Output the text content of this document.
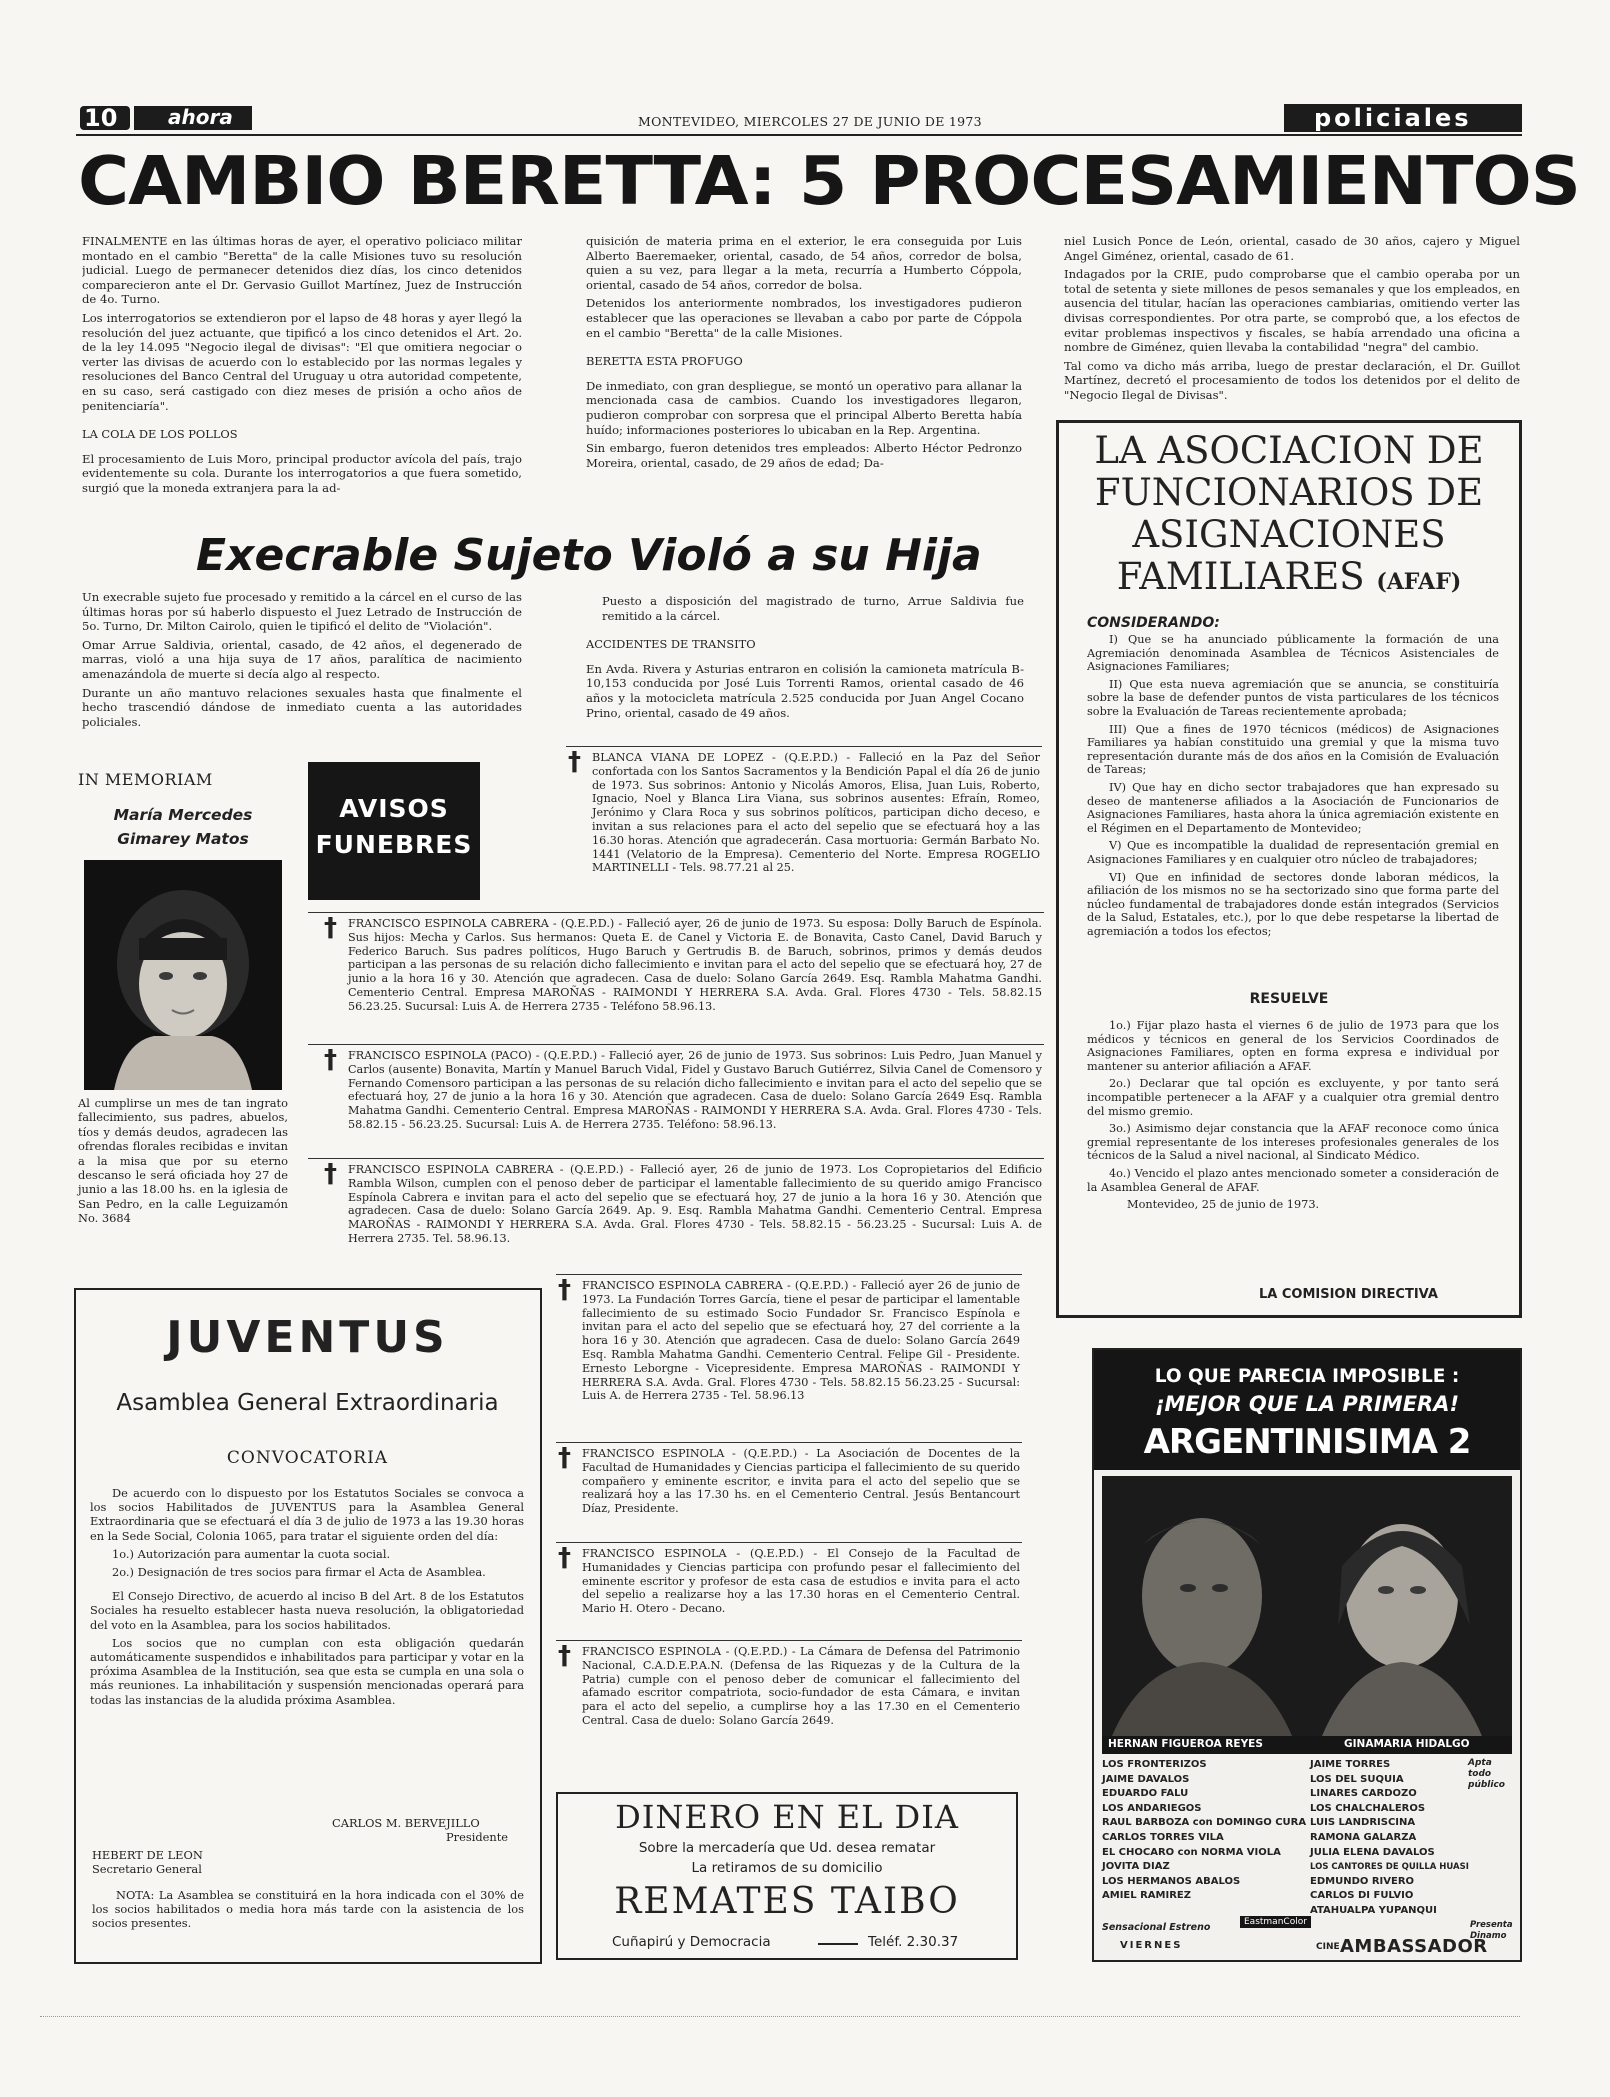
10	ahora	MONTEVIDEO, MIERCOLES 27 DE JUNIO DE 1973	policiales
CAMBIO BERETTA: 5 PROCESAMIENTOS

FINALMENTE en las últimas horas de ayer, el operativo policiaco militar montado en el cambio "Beretta" de la calle Misiones tuvo su resolución judicial. Luego de permanecer detenidos diez días, los cinco detenidos comparecieron ante el Dr. Gervasio Guillot Martínez, Juez de Instrucción de 4o. Turno.

Los interrogatorios se extendieron por el lapso de 48 horas y ayer llegó la resolución del juez actuante, que tipificó a los cinco detenidos el Art. 2o. de la ley 14.095 "Negocio ilegal de divisas": "El que omitiera negociar o verter las divisas de acuerdo con lo establecido por las normas legales y resoluciones del Banco Central del Uruguay u otra autoridad competente, en su caso, será castigado con diez meses de prisión a ocho años de penitenciaría".

LA COLA DE LOS POLLOS

El procesamiento de Luis Moro, principal productor avícola del país, trajo evidentemente su cola. Durante los interrogatorios a que fuera sometido, surgió que la moneda extranjera para la ad-

quisición de materia prima en el exterior, le era conseguida por Luis Alberto Baeremaeker, oriental, casado, de 54 años, corredor de bolsa, quien a su vez, para llegar a la meta, recurría a Humberto Cóppola, oriental, casado de 54 años, corredor de bolsa.

Detenidos los anteriormente nombrados, los investigadores pudieron establecer que las operaciones se llevaban a cabo por parte de Cóppola en el cambio "Beretta" de la calle Misiones.

BERETTA ESTA PROFUGO

De inmediato, con gran despliegue, se montó un operativo para allanar la mencionada casa de cambios. Cuando los investigadores llegaron, pudieron comprobar con sorpresa que el principal Alberto Beretta había huído; informaciones posteriores lo ubicaban en la Rep. Argentina.

Sin embargo, fueron detenidos tres empleados: Alberto Héctor Pedronzo Moreira, oriental, casado, de 29 años de edad; Da-

niel Lusich Ponce de León, oriental, casado de 30 años, cajero y Miguel Angel Giménez, oriental, casado de 61.

Indagados por la CRIE, pudo comprobarse que el cambio operaba por un total de setenta y siete millones de pesos semanales y que los empleados, en ausencia del titular, hacían las operaciones cambiarias, omitiendo verter las divisas correspondientes. Por otra parte, se comprobó que, a los efectos de evitar problemas inspectivos y fiscales, se había arrendado una oficina a nombre de Giménez, quien llevaba la contabilidad "negra" del cambio.

Tal como va dicho más arriba, luego de prestar declaración, el Dr. Guillot Martínez, decretó el procesamiento de todos los detenidos por el delito de "Negocio Ilegal de Divisas".

Execrable Sujeto Violó a su Hija

Un execrable sujeto fue procesado y remitido a la cárcel en el curso de las últimas horas por sú haberlo dispuesto el Juez Letrado de Instrucción de 5o. Turno, Dr. Milton Cairolo, quien le tipificó el delito de "Violación".

Omar Arrue Saldivia, oriental, casado, de 42 años, el degenerado de marras, violó a una hija suya de 17 años, paralítica de nacimiento amenazándola de muerte si decía algo al respecto.

Durante un año mantuvo relaciones sexuales hasta que finalmente el hecho trascendió dándose de inmediato cuenta a las autoridades policiales.

Puesto a disposición del magistrado de turno, Arrue Saldivia fue remitido a la cárcel.

ACCIDENTES DE TRANSITO

En Avda. Rivera y Asturias entraron en colisión la camioneta matrícula B-10,153 conducida por José Luis Torrenti Ramos, oriental casado de 46 años y la motocicleta matrícula 2.525 conducida por Juan Angel Cocano Prino, oriental, casado de 49 años.

IN MEMORIAM
María Mercedes
Gimarey Matos
Al cumplirse un mes de tan ingrato fallecimiento, sus padres, abuelos, tíos y demás deudos, agradecen las ofrendas florales recibidas e invitan a la misa que por su eterno descanso le será oficiada hoy 27 de junio a las 18.00 hs. en la iglesia de San Pedro, en la calle Leguizamón No. 3684
AVISOS
FUNEBRES
† BLANCA VIANA DE LOPEZ - (Q.E.P.D.) - Falleció en la Paz del Señor confortada con los Santos Sacramentos y la Bendición Papal el día 26 de junio de 1973. Sus sobrinos: Antonio y Nicolás Amoros, Elisa, Juan Luis, Roberto, Ignacio, Noel y Blanca Lira Viana, sus sobrinos ausentes: Efraín, Romeo, Jerónimo y Clara Roca y sus sobrinos políticos, participan dicho deceso, e invitan a sus relaciones para el acto del sepelio que se efectuará hoy a las 16.30 horas. Atención que agradecerán. Casa mortuoria: Germán Barbato No. 1441 (Velatorio de la Empresa). Cementerio del Norte. Empresa ROGELIO MARTINELLI - Tels. 98.77.21 al 25.
† FRANCISCO ESPINOLA CABRERA - (Q.E.P.D.) - Falleció ayer, 26 de junio de 1973. Su esposa: Dolly Baruch de Espínola. Sus hijos: Mecha y Carlos. Sus hermanos: Queta E. de Canel y Victoria E. de Bonavita, Casto Canel, David Baruch y Federico Baruch. Sus padres políticos, Hugo Baruch y Gertrudis B. de Baruch, sobrinos, primos y demás deudos participan a las personas de su relación dicho fallecimiento e invitan para el acto del sepelio que se efectuará hoy, 27 de junio a la hora 16 y 30. Atención que agradecen. Casa de duelo: Solano García 2649. Esq. Rambla Mahatma Gandhi. Cementerio Central. Empresa MAROÑAS - RAIMONDI Y HERRERA S.A. Avda. Gral. Flores 4730 - Tels. 58.82.15 56.23.25. Sucursal: Luis A. de Herrera 2735 - Teléfono 58.96.13.
† FRANCISCO ESPINOLA (PACO) - (Q.E.P.D.) - Falleció ayer, 26 de junio de 1973. Sus sobrinos: Luis Pedro, Juan Manuel y Carlos (ausente) Bonavita, Martín y Manuel Baruch Vidal, Fidel y Gustavo Baruch Gutiérrez, Silvia Canel de Comensoro y Fernando Comensoro participan a las personas de su relación dicho fallecimiento e invitan para el acto del sepelio que se efectuará hoy, 27 de junio a la hora 16 y 30. Atención que agradecen. Casa de duelo: Solano García 2649 Esq. Rambla Mahatma Gandhi. Cementerio Central. Empresa MAROÑAS - RAIMONDI Y HERRERA S.A. Avda. Gral. Flores 4730 - Tels. 58.82.15 - 56.23.25. Sucursal: Luis A. de Herrera 2735. Teléfono: 58.96.13.
† FRANCISCO ESPINOLA CABRERA - (Q.E.P.D.) - Falleció ayer, 26 de junio de 1973. Los Copropietarios del Edificio Rambla Wilson, cumplen con el penoso deber de participar el lamentable fallecimiento de su querido amigo Francisco Espínola Cabrera e invitan para el acto del sepelio que se efectuará hoy, 27 de junio a la hora 16 y 30. Atención que agradecen. Casa de duelo: Solano García 2649. Ap. 9. Esq. Rambla Mahatma Gandhi. Cementerio Central. Empresa MAROÑAS - RAIMONDI Y HERRERA S.A. Avda. Gral. Flores 4730 - Tels. 58.82.15 - 56.23.25 - Sucursal: Luis A. de Herrera 2735. Tel. 58.96.13.
† FRANCISCO ESPINOLA CABRERA - (Q.E.P.D.) - Falleció ayer 26 de junio de 1973. La Fundación Torres García, tiene el pesar de participar el lamentable fallecimiento de su estimado Socio Fundador Sr. Francisco Espínola e invitan para el acto del sepelio que se efectuará hoy, 27 del corriente a la hora 16 y 30. Atención que agradecen. Casa de duelo: Solano García 2649 Esq. Rambla Mahatma Gandhi. Cementerio Central. Felipe Gil - Presidente. Ernesto Leborgne - Vicepresidente. Empresa MAROÑAS - RAIMONDI Y HERRERA S.A. Avda. Gral. Flores 4730 - Tels. 58.82.15 56.23.25 - Sucursal: Luis A. de Herrera 2735 - Tel. 58.96.13
† FRANCISCO ESPINOLA - (Q.E.P.D.) - La Asociación de Docentes de la Facultad de Humanidades y Ciencias participa el fallecimiento de su querido compañero y eminente escritor, e invita para el acto del sepelio que se realizará hoy a las 17.30 hs. en el Cementerio Central. Jesús Bentancourt Díaz, Presidente.
† FRANCISCO ESPINOLA - (Q.E.P.D.) - El Consejo de la Facultad de Humanidades y Ciencias participa con profundo pesar el fallecimiento del eminente escritor y profesor de esta casa de estudios e invita para el acto del sepelio a realizarse hoy a las 17.30 horas en el Cementerio Central. Mario H. Otero - Decano.
† FRANCISCO ESPINOLA - (Q.E.P.D.) - La Cámara de Defensa del Patrimonio Nacional, C.A.D.E.P.A.N. (Defensa de las Riquezas y de la Cultura de la Patria) cumple con el penoso deber de comunicar el fallecimiento del afamado escritor compatriota, socio-fundador de esta Cámara, e invitan para el acto del sepelio, a cumplirse hoy a las 17.30 en el Cementerio Central. Casa de duelo: Solano García 2649.
LA ASOCIACION DE
FUNCIONARIOS DE
ASIGNACIONES
FAMILIARES (AFAF)
CONSIDERANDO:

I) Que se ha anunciado públicamente la formación de una Agremiación denominada Asamblea de Técnicos Asistenciales de Asignaciones Familiares;

II) Que esta nueva agremiación que se anuncia, se constituiría sobre la base de defender puntos de vista particulares de los técnicos sobre la Evaluación de Tareas recientemente aprobada;

III) Que a fines de 1970 técnicos (médicos) de Asignaciones Familiares ya habían constituido una gremial y que la misma tuvo representación durante más de dos años en la Comisión de Evaluación de Tareas;

IV) Que hay en dicho sector trabajadores que han expresado su deseo de mantenerse afiliados a la Asociación de Funcionarios de Asignaciones Familiares, hasta ahora la única agremiación existente en el Régimen en el Departamento de Montevideo;

V) Que es incompatible la dualidad de representación gremial en Asignaciones Familiares y en cualquier otro núcleo de trabajadores;

VI) Que en infinidad de sectores donde laboran médicos, la afiliación de los mismos no se ha sectorizado sino que forma parte del núcleo fundamental de trabajadores donde están integrados (Servicios de la Salud, Estatales, etc.), por lo que debe respetarse la libertad de agremiación a todos los efectos;

RESUELVE

1o.) Fijar plazo hasta el viernes 6 de julio de 1973 para que los médicos y técnicos en general de los Servicios Coordinados de Asignaciones Familiares, opten en forma expresa e individual por mantener su anterior afiliación a AFAF.

2o.) Declarar que tal opción es excluyente, y por tanto será incompatible pertenecer a la AFAF y a cualquier otra gremial dentro del mismo gremio.

3o.) Asimismo dejar constancia que la AFAF reconoce como única gremial representante de los intereses profesionales generales de los técnicos de la Salud a nivel nacional, al Sindicato Médico.

4o.) Vencido el plazo antes mencionado someter a consideración de la Asamblea General de AFAF.

Montevideo, 25 de junio de 1973.

LA COMISION DIRECTIVA
JUVENTUS
Asamblea General Extraordinaria
CONVOCATORIA

De acuerdo con lo dispuesto por los Estatutos Sociales se convoca a los socios Habilitados de JUVENTUS para la Asamblea General Extraordinaria que se efectuará el día 3 de julio de 1973 a las 19.30 horas en la Sede Social, Colonia 1065, para tratar el siguiente orden del día:

1o.) Autorización para aumentar la cuota social.

2o.) Designación de tres socios para firmar el Acta de Asamblea.

El Consejo Directivo, de acuerdo al inciso B del Art. 8 de los Estatutos Sociales ha resuelto establecer hasta nueva resolución, la obligatoriedad del voto en la Asamblea, para los socios habilitados.

Los socios que no cumplan con esta obligación quedarán automáticamente suspendidos e inhabilitados para participar y votar en la próxima Asamblea de la Institución, sea que esta se cumpla en una sola o más reuniones. La inhabilitación y suspensión mencionadas operará para todas las instancias de la aludida próxima Asamblea.

CARLOS M. BERVEJILLO
Presidente
HEBERT DE LEON
Secretario General
NOTA: La Asamblea se constituirá en la hora indicada con el 30% de los socios habilitados o media hora más tarde con la asistencia de los socios presentes.
DINERO EN EL DIA
Sobre la mercadería que Ud. desea rematar
La retiramos de su domicilio
REMATES TAIBO
Cuñapirú y Democracia	Teléf. 2.30.37
LO QUE PARECIA IMPOSIBLE :
¡MEJOR QUE LA PRIMERA!
ARGENTINISIMA 2
HERNAN FIGUEROA REYES	GINAMARIA HIDALGO
LOS FRONTERIZOS
JAIME DAVALOS
EDUARDO FALU
LOS ANDARIEGOS
RAUL BARBOZA con DOMINGO CURA
CARLOS TORRES VILA
EL CHOCARO con NORMA VIOLA
JOVITA DIAZ
LOS HERMANOS ABALOS
AMIEL RAMIREZ
JAIME TORRES
LOS DEL SUQUIA
LINARES CARDOZO
LOS CHALCHALEROS
LUIS LANDRISCINA
RAMONA GALARZA
JULIA ELENA DAVALOS
LOS CANTORES DE QUILLA HUASI
EDMUNDO RIVERO
CARLOS DI FULVIO
ATAHUALPA YUPANQUI
Apta todo público
Sensacional Estreno
VIERNES
EastmanColor
CINE AMBASSADOR
Presenta Dinamo
